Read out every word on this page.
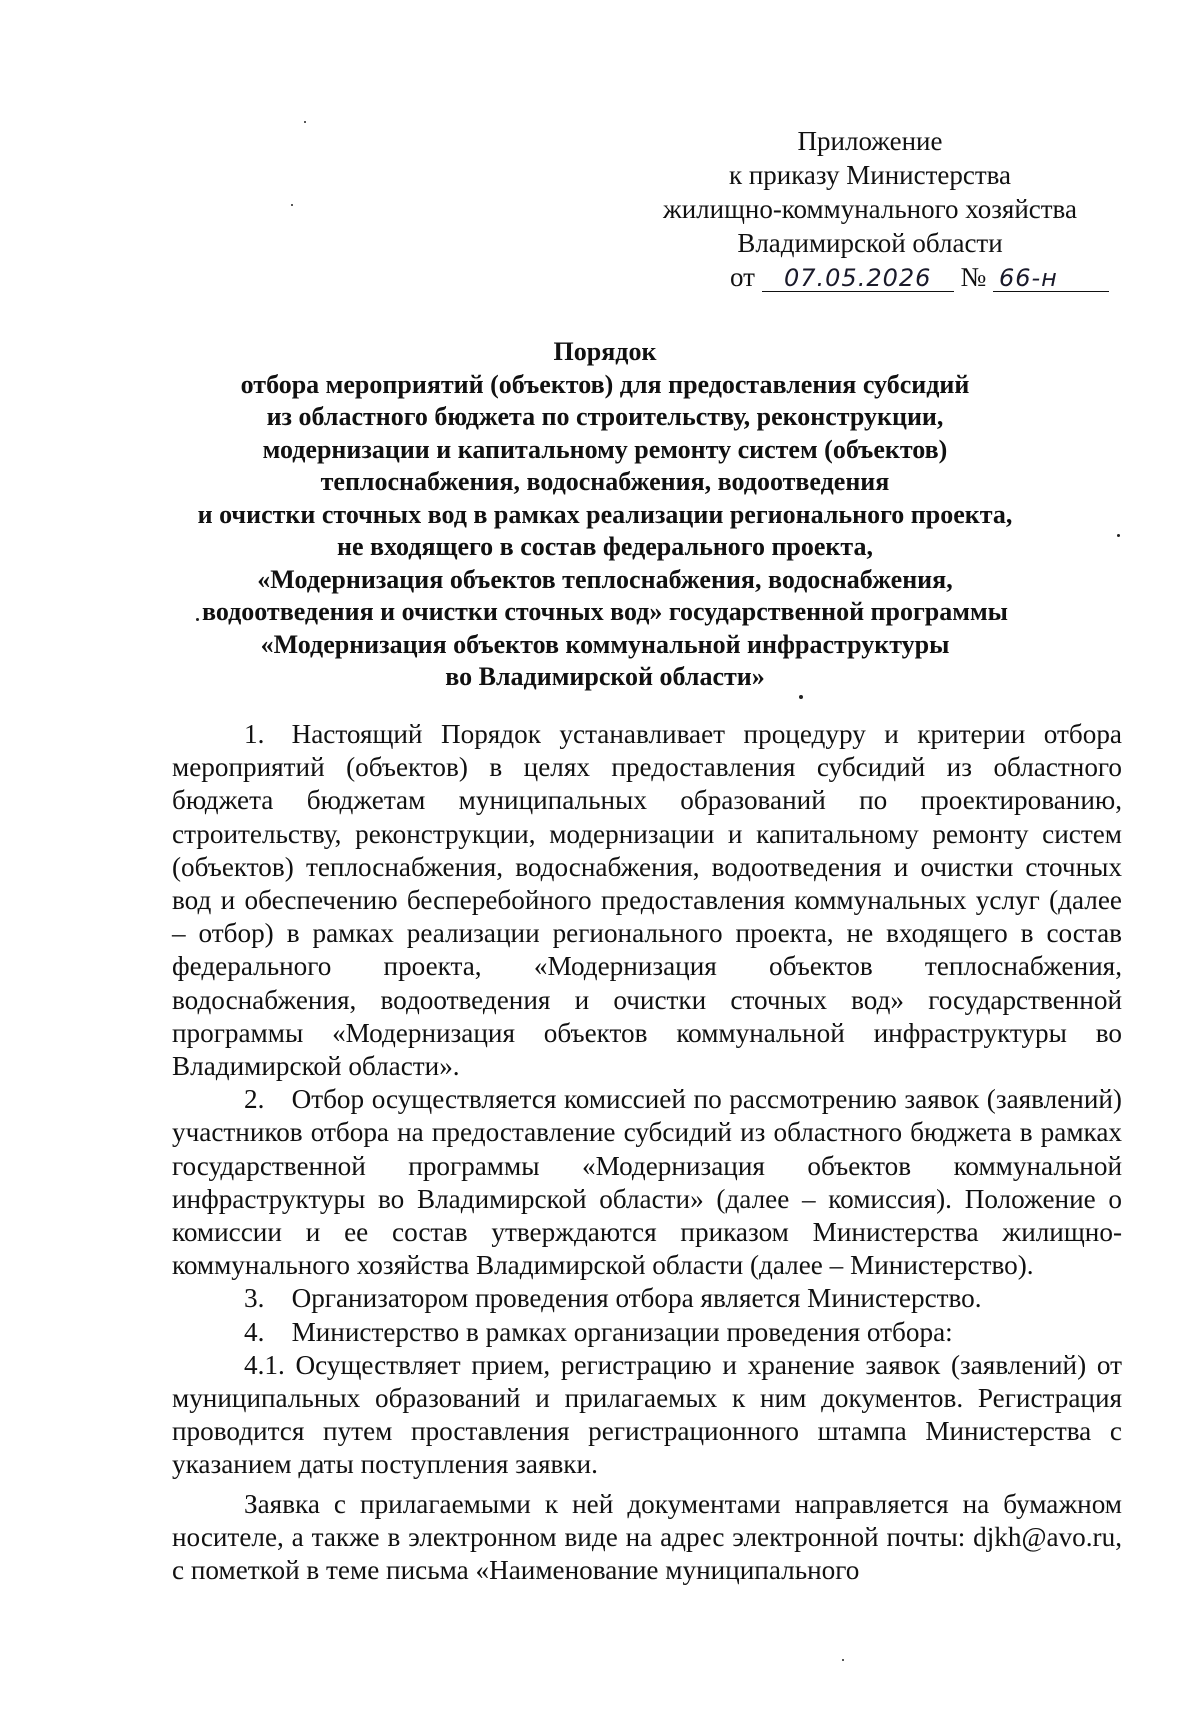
Приложение
к приказу Министерства
жилищно-коммунального хозяйства
Владимирской области
от 07.05.2026 № 66-н
Порядок
отбора мероприятий (объектов) для предоставления субсидий
из областного бюджета по строительству, реконструкции,
модернизации и капитальному ремонту систем (объектов)
теплоснабжения, водоснабжения, водоотведения
и очистки сточных вод в рамках реализации регионального проекта,
не входящего в состав федерального проекта,
«Модернизация объектов теплоснабжения, водоснабжения,
водоотведения и очистки сточных вод» государственной программы
«Модернизация объектов коммунальной инфраструктуры
во Владимирской области»

1. Настоящий Порядок устанавливает процедуру и критерии отбора мероприятий (объектов) в целях предоставления субсидий из областного бюджета бюджетам муниципальных образований по проектированию, строительству, реконструкции, модернизации и капитальному ремонту систем (объектов) теплоснабжения, водоснабжения, водоотведения и очистки сточных вод и обеспечению бесперебойного предоставления коммунальных услуг (далее – отбор) в рамках реализации регионального проекта, не входящего в состав федерального проекта, «Модернизация объектов теплоснабжения, водоснабжения, водоотведения и очистки сточных вод» государственной программы «Модернизация объектов коммунальной инфраструктуры во Владимирской области».

2. Отбор осуществляется комиссией по рассмотрению заявок (заявлений) участников отбора на предоставление субсидий из областного бюджета в рамках государственной программы «Модернизация объектов коммунальной инфраструктуры во Владимирской области» (далее – комиссия). Положение о комиссии и ее состав утверждаются приказом Министерства жилищно-коммунального хозяйства Владимирской области (далее – Министерство).

3. Организатором проведения отбора является Министерство.

4. Министерство в рамках организации проведения отбора:

4.1. Осуществляет прием, регистрацию и хранение заявок (заявлений) от муниципальных образований и прилагаемых к ним документов. Регистрация проводится путем проставления регистрационного штампа Министерства с указанием даты поступления заявки.

Заявка с прилагаемыми к ней документами направляется на бумажном носителе, а также в электронном виде на адрес электронной почты: djkh@avo.ru, с пометкой в теме письма «Наименование муниципального
